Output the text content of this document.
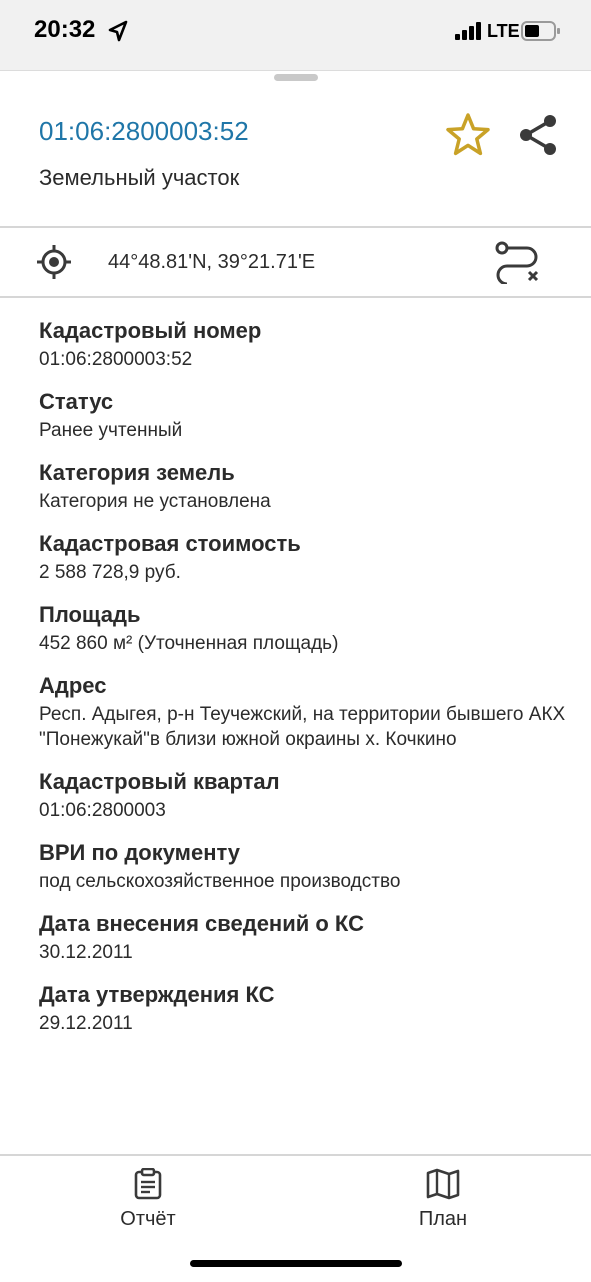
20:32	LTE
01:06:2800003:52
Земельный участок
44°48.81'N, 39°21.71'E
Кадастровый номер
01:06:2800003:52
Статус
Ранее учтенный
Категория земель
Категория не установлена
Кадастровая стоимость
2 588 728,9 руб.
Площадь
452 860 м² (Уточненная площадь)
Адрес
Респ. Адыгея, р-н Теучежский, на территории бывшего АКХ "Понежукай"в близи южной окраины х. Кочкино
Кадастровый квартал
01:06:2800003
ВРИ по документу
под сельскохозяйственное производство
Дата внесения сведений о КС
30.12.2011
Дата утверждения КС
29.12.2011
Отчёт	План
